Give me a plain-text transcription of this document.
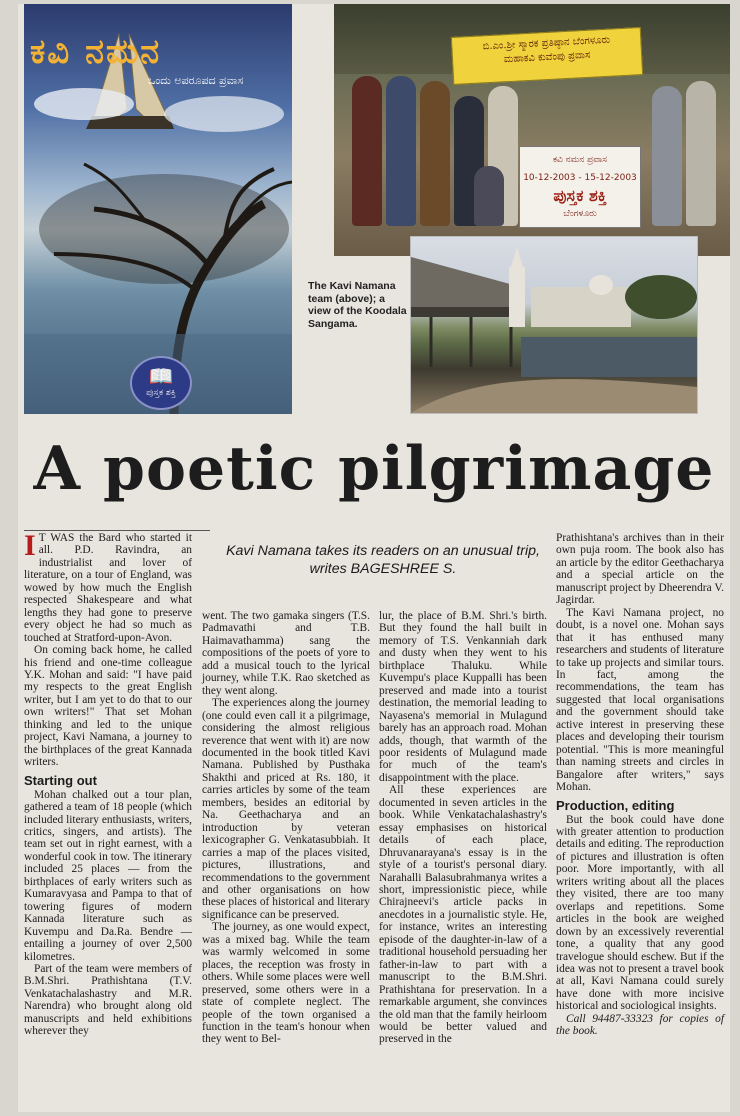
ಕವಿ ನಮನ
ಒಂದು ಅಪರೂಪದ ಪ್ರವಾಸ
📖
ಪುಸ್ತಕ ಶಕ್ತಿ
ಬಿ.ಎಂ.ಶ್ರೀ ಸ್ಮಾರಕ ಪ್ರತಿಷ್ಠಾನ ಬೆಂಗಳೂರು
ಮಹಾಕವಿ ಕುವೆಂಪು ಪ್ರವಾಸ
ಕವಿ ನಮನ ಪ್ರವಾಸ
10-12-2003 - 15-12-2003
ಪುಸ್ತಕ ಶಕ್ತಿ
ಬೆಂಗಳೂರು
The Kavi Namana team (above); a view of the Koodala Sangama.
A poetic pilgrimage
Kavi Namana takes its readers on an unusual trip, writes BAGESHREE S.

I T WAS the Bard who started it all. P.D. Ravindra, an industrialist and lover of literature, on a tour of England, was wowed by how much the English respected Shakespeare and what lengths they had gone to preserve every object he had so much as touched at Stratford-upon-Avon.

On coming back home, he called his friend and one-time colleague Y.K. Mohan and said: "I have paid my respects to the great English writer, but I am yet to do that to our own writers!" That set Mohan thinking and led to the unique project, Kavi Namana, a journey to the birthplaces of the great Kannada writers.

Starting out

Mohan chalked out a tour plan, gathered a team of 18 people (which included literary enthusiasts, writers, critics, singers, and artists). The team set out in right earnest, with a wonderful cook in tow. The itinerary included 25 places — from the birthplaces of early writers such as Kumaravyasa and Pampa to that of towering figures of modern Kannada literature such as Kuvempu and Da.Ra. Bendre — entailing a journey of over 2,500 kilometres.

Part of the team were members of B.M.Shri. Prathishtana (T.V. Venkatachalashastry and M.R. Narendra) who brought along old manuscripts and held exhibitions wherever they

went. The two gamaka singers (T.S. Padmavathi and T.B. Haimavathamma) sang the compositions of the poets of yore to add a musical touch to the lyrical journey, while T.K. Rao sketched as they went along.

The experiences along the journey (one could even call it a pilgrimage, considering the almost religious reverence that went with it) are now documented in the book titled Kavi Namana. Published by Pusthaka Shakthi and priced at Rs. 180, it carries articles by some of the team members, besides an editorial by Na. Geethacharya and an introduction by veteran lexicographer G. Venkatasubbiah. It carries a map of the places visited, pictures, illustrations, and recommendations to the government and other organisations on how these places of historical and literary significance can be preserved.

The journey, as one would expect, was a mixed bag. While the team was warmly welcomed in some places, the reception was frosty in others. While some places were well preserved, some others were in a state of complete neglect. The people of the town organised a function in the team's honour when they went to Bel-

lur, the place of B.M. Shri.'s birth. But they found the hall built in memory of T.S. Venkanniah dark and dusty when they went to his birthplace Thaluku. While Kuvempu's place Kuppalli has been preserved and made into a tourist destination, the memorial leading to Nayasena's memorial in Mulagund barely has an approach road. Mohan adds, though, that warmth of the poor residents of Mulagund made for much of the team's disappointment with the place.

All these experiences are documented in seven articles in the book. While Venkatachalashastry's essay emphasises on historical details of each place, Dhruvanarayana's essay is in the style of a tourist's personal diary. Narahalli Balasubrahmanya writes a short, impressionistic piece, while Chirajneevi's article packs in anecdotes in a journalistic style. He, for instance, writes an interesting episode of the daughter-in-law of a traditional household persuading her father-in-law to part with a manuscript to the B.M.Shri. Prathishtana for preservation. In a remarkable argument, she convinces the old man that the family heirloom would be better valued and preserved in the

Prathishtana's archives than in their own puja room. The book also has an article by the editor Geethacharya and a special article on the manuscript project by Dheerendra V. Jagirdar.

The Kavi Namana project, no doubt, is a novel one. Mohan says that it has enthused many researchers and students of literature to take up projects and similar tours. In fact, among the recommendations, the team has suggested that local organisations and the government should take active interest in preserving these places and developing their tourism potential. "This is more meaningful than naming streets and circles in Bangalore after writers," says Mohan.

Production, editing

But the book could have done with greater attention to production details and editing. The reproduction of pictures and illustration is often poor. More importantly, with all writers writing about all the places they visited, there are too many overlaps and repetitions. Some articles in the book are weighed down by an excessively reverential tone, a quality that any good travelogue should eschew. But if the idea was not to present a travel book at all, Kavi Namana could surely have done with more incisive historical and sociological insights.

Call 94487-33323 for copies of the book.
